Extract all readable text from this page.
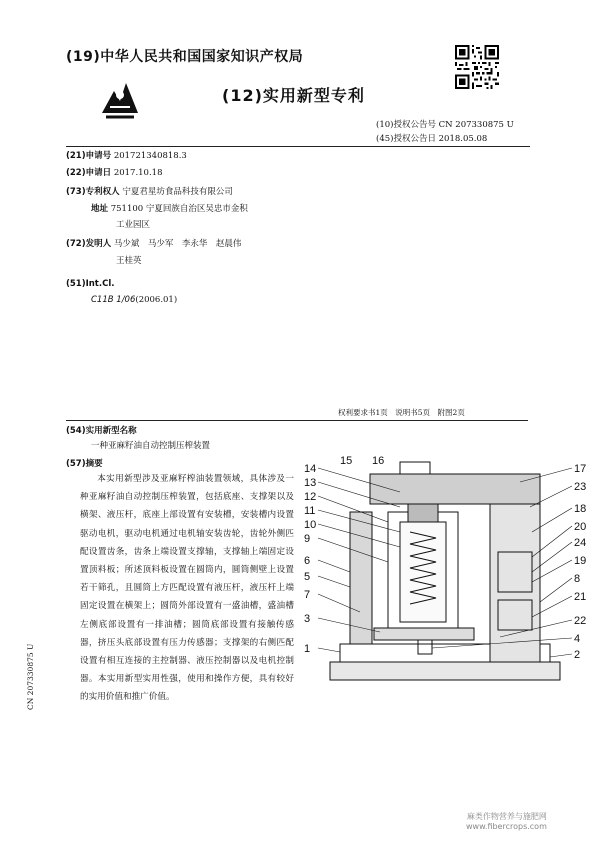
(19)中华人民共和国国家知识产权局
(12)实用新型专利
(10)授权公告号 CN 207330875 U
(45)授权公告日 2018.05.08
(21)申请号 201721340818.3
(22)申请日 2017.10.18
(73)专利权人 宁夏君星坊食品科技有限公司
地址 751100 宁夏回族自治区吴忠市金积
工业园区
(72)发明人 马少斌　马少军　李永华　赵晨伟
王桂英
(51)Int.Cl.
C11B 1/06(2006.01)
权利要求书1页　说明书5页　附图2页
(54)实用新型名称
一种亚麻籽油自动控制压榨装置
(57)摘要
本实用新型涉及亚麻籽榨油装置领域，具体涉及一种亚麻籽油自动控制压榨装置，包括底座、支撑架以及横架、液压杆，底座上部设置有安装槽，安装槽内设置驱动电机，驱动电机通过电机轴安装齿轮，齿轮外侧匹配设置齿条，齿条上端设置支撑轴，支撑轴上端固定设置顶料板；所述顶料板设置在圆筒内，圆筒侧壁上设置若干筛孔，且圆筒上方匹配设置有液压杆，液压杆上端固定设置在横架上；圆筒外部设置有一盛油槽，盛油槽左侧底部设置有一排油槽；圆筒底部设置有接触传感器，挤压头底部设置有压力传感器；支撑架的右侧匹配设置有相互连接的主控制器、液压控制器以及电机控制器。本实用新型实用性强，使用和操作方便，具有较好的实用价值和推广价值。
14
13
12
11
10
9
6
5
7
3
1
15 16
17
23
18
20
24
19
8
21
22
4
2
CN 207330875 U
麻类作物营养与施肥网
www.fibercrops.com
